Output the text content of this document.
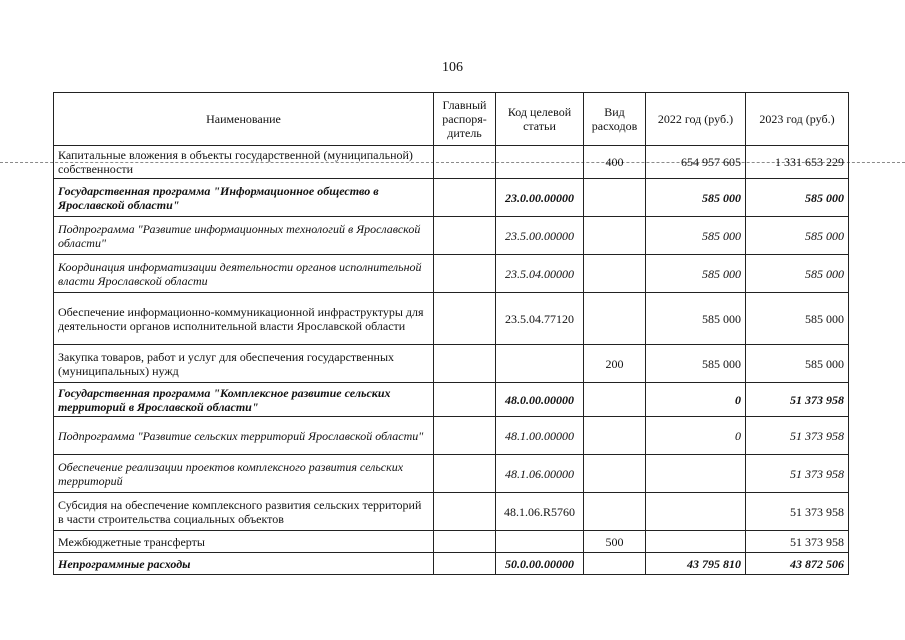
106
Наименование	Главный распоря-дитель	Код целевой статьи	Вид расходов	2022 год (руб.)	2023 год (руб.)
Капитальные вложения в объекты государственной (муниципальной) собственности			400	654 957 605	1 331 653 229
Государственная программа "Информационное общество в Ярославской области"		23.0.00.00000		585 000	585 000
Подпрограмма "Развитие информационных технологий в Ярославской области"		23.5.00.00000		585 000	585 000
Координация информатизации деятельности органов исполнительной власти Ярославской области		23.5.04.00000		585 000	585 000
Обеспечение информационно-коммуникационной инфраструктуры для деятельности органов исполнительной власти Ярославской области		23.5.04.77120		585 000	585 000
Закупка товаров, работ и услуг для обеспечения государственных (муниципальных) нужд			200	585 000	585 000
Государственная программа "Комплексное развитие сельских территорий в Ярославской области"		48.0.00.00000		0	51 373 958
Подпрограмма "Развитие сельских территорий Ярославской области"		48.1.00.00000		0	51 373 958
Обеспечение реализации проектов комплексного развития сельских территорий		48.1.06.00000			51 373 958
Субсидия на обеспечение комплексного развития сельских территорий в части строительства социальных объектов		48.1.06.R5760			51 373 958
Межбюджетные трансферты			500		51 373 958
Непрограммные расходы		50.0.00.00000		43 795 810	43 872 506
